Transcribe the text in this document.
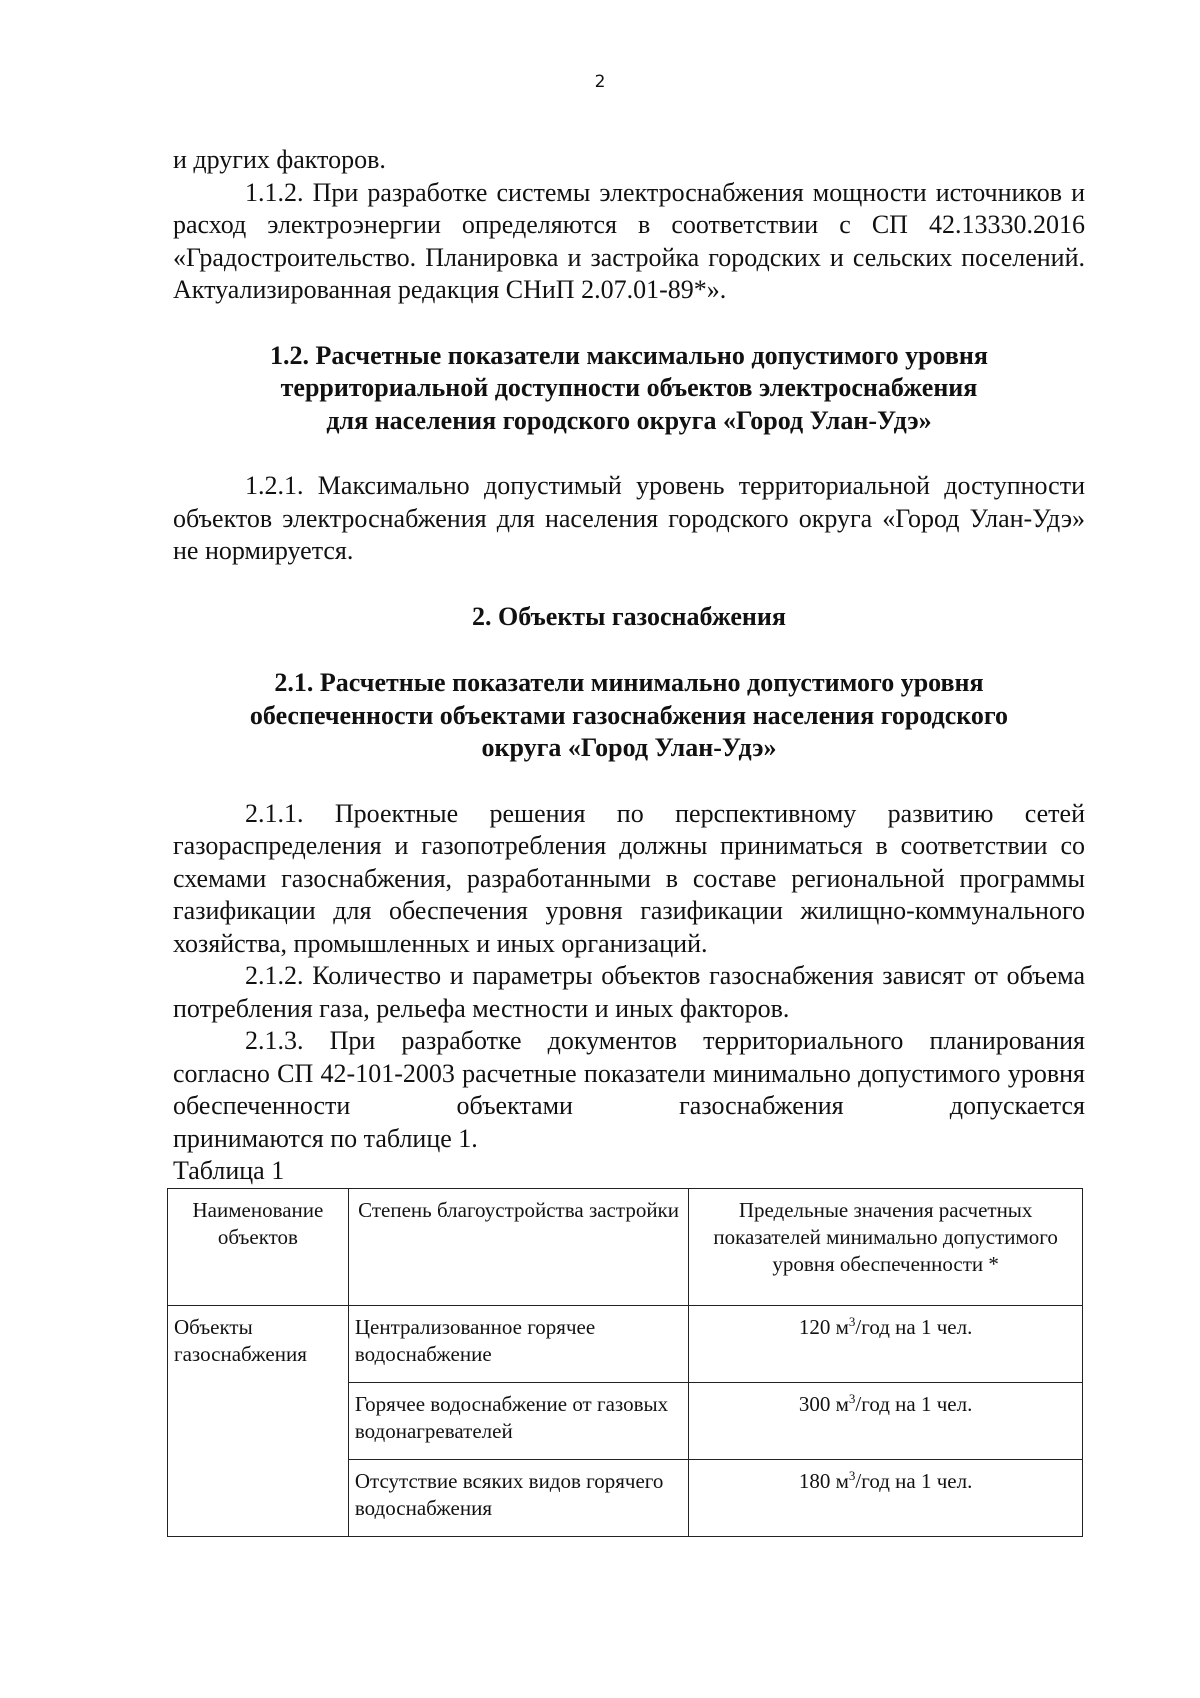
2

и других факторов.

1.1.2. При разработке системы электроснабжения мощности источников и расход электроэнергии определяются в соответствии с СП 42.13330.2016 «Градостроительство. Планировка и застройка городских и сельских поселений. Актуализированная редакция СНиП 2.07.01-89*».

1.2. Расчетные показатели максимально допустимого уровня
территориальной доступности объектов электроснабжения
для населения городского округа «Город Улан-Удэ»

1.2.1. Максимально допустимый уровень территориальной доступности объектов электроснабжения для населения городского округа «Город Улан-Удэ» не нормируется.

2. Объекты газоснабжения
2.1. Расчетные показатели минимально допустимого уровня
обеспеченности объектами газоснабжения населения городского
округа «Город Улан-Удэ»

2.1.1. Проектные решения по перспективному развитию сетей газораспределения и газопотребления должны приниматься в соответствии со схемами газоснабжения, разработанными в составе региональной программы газификации для обеспечения уровня газификации жилищно-коммунального хозяйства, промышленных и иных организаций.

2.1.2. Количество и параметры объектов газоснабжения зависят от объема потребления газа, рельефа местности и иных факторов.

2.1.3. При разработке документов территориального планирования согласно СП 42-101-2003 расчетные показатели минимально допустимого уровня обеспеченности объектами газоснабжения допускается

принимаются по таблице 1.

Таблица 1

Наименование объектов	Степень благоустройства застройки	Предельные значения расчетных показателей минимально допустимого уровня обеспеченности *
Объекты газоснабжения	Централизованное горячее водоснабжение	120 $м^3$/год на 1 чел.
	Горячее водоснабжение от газовых водонагревателей	300 $м^3$/год на 1 чел.
	Отсутствие всяких видов горячего водоснабжения	180 $м^3$/год на 1 чел.
